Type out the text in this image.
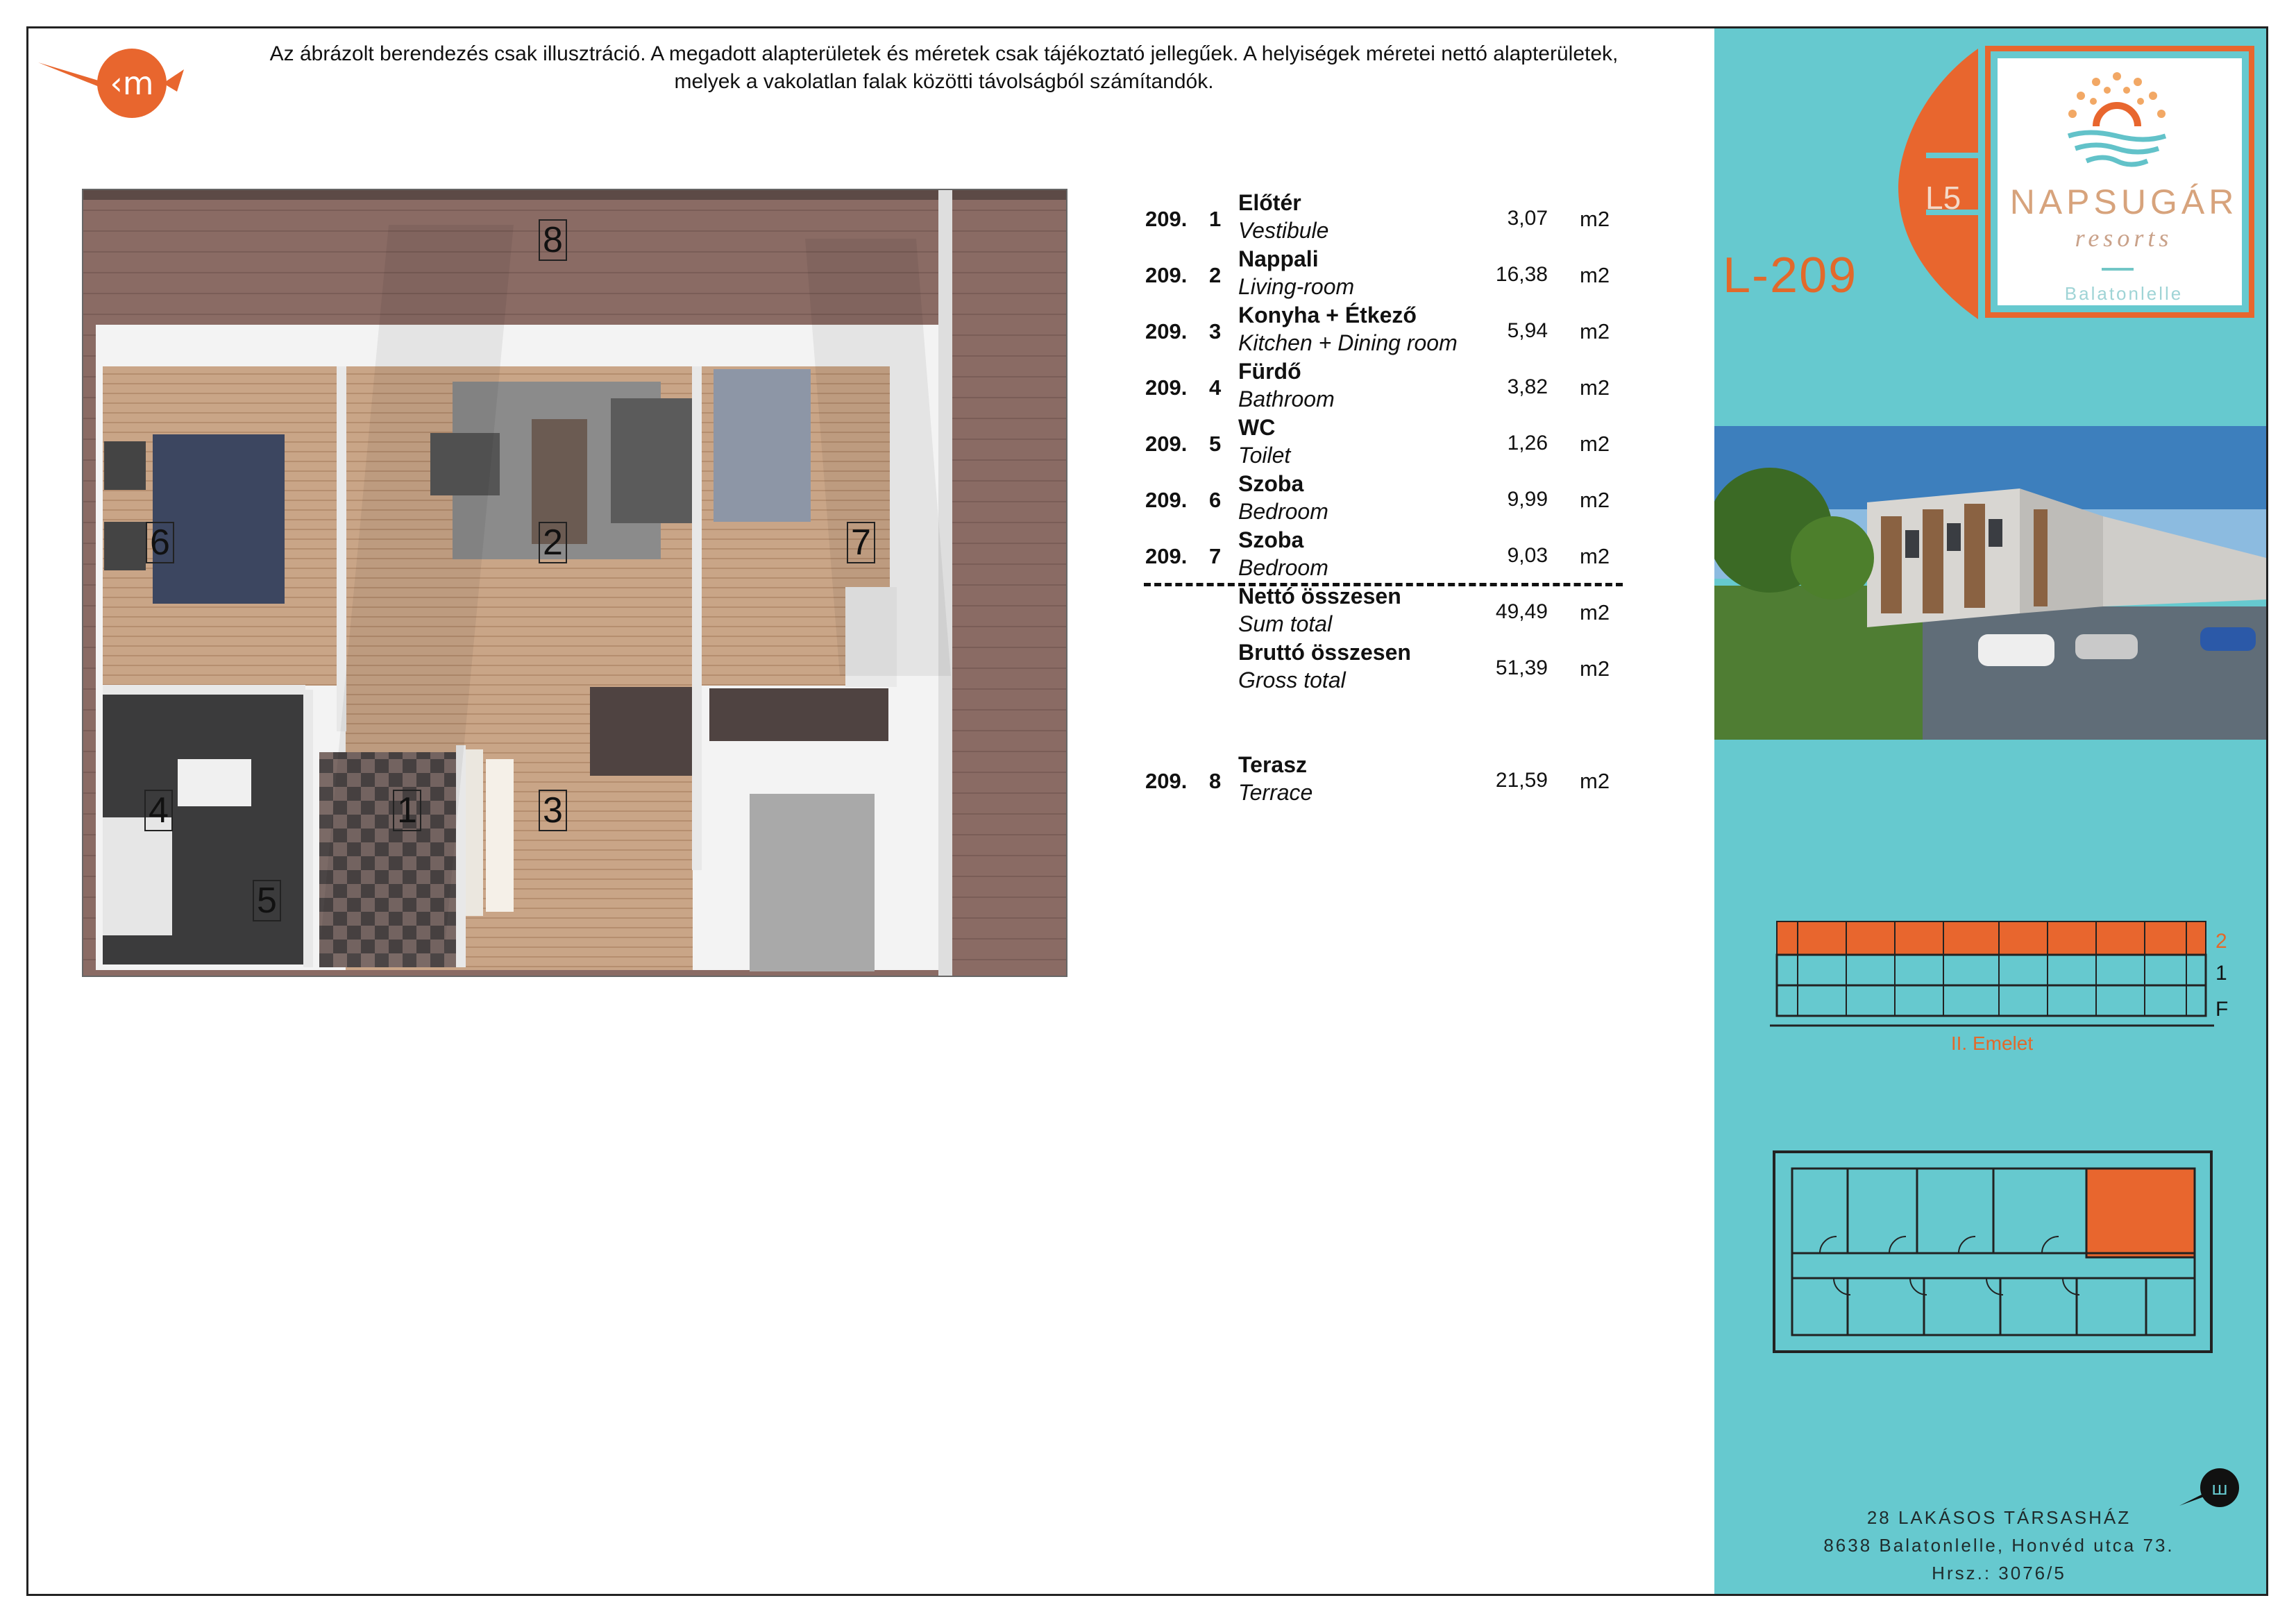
‹m
Az ábrázolt berendezés csak illusztráció. A megadott alapterületek és méretek csak tájékoztató jellegűek. A helyiségek méretei nettó alapterületek,
melyek a vakolatlan falak közötti távolságból számítandók.
8
6	2	7
4	1	3
5
209. 1
Előtér
Vestibule	3,07 m2
209. 2
Nappali
Living-room	16,38 m2
209. 3
Konyha + Étkező
Kitchen + Dining room	5,94 m2
209. 4
Fürdő
Bathroom	3,82 m2
209. 5
WC
Toilet	1,26 m2
209. 6
Szoba
Bedroom	9,99 m2
209. 7
Szoba
Bedroom	9,03 m2
Nettó összesen
Sum total	49,49 m2
Bruttó összesen
Gross total	51,39 m2
209. 8
Terasz
Terrace	21,59 m2
L5
L-209
NAPSUGÁR
resorts
Balatonlelle
2
1
F
II. Emelet
ш
28 LAKÁSOS TÁRSASHÁZ
8638 Balatonlelle, Honvéd utca 73.
Hrsz.: 3076/5
